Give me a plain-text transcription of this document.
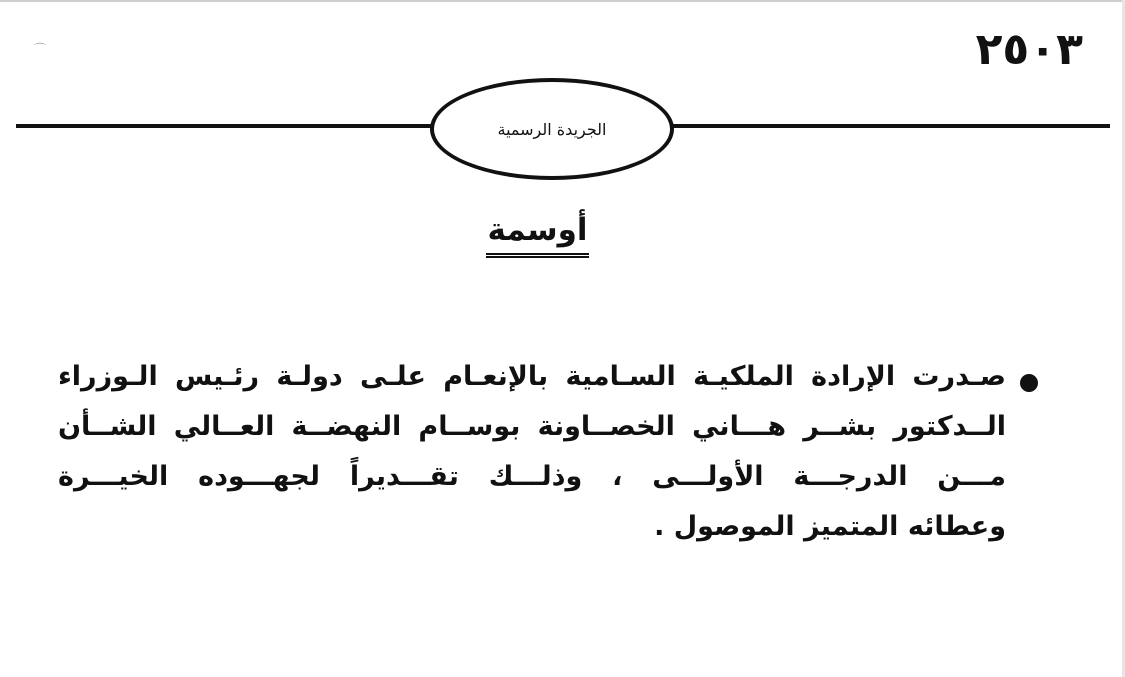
⌒	٢٥٠٣
الجريدة الرسمية
أوسمة
صـدرت الإرادة الملكيـة السـامية بالإنعـام علـى دولـة رئـيس الـوزراء
الــدكتور بشــر هـــاني الخصــاونة بوســام النهضــة العــالي الشــأن
مـــن الدرجـــة الأولـــى ، وذلـــك تقـــديراً لجهـــوده الخيـــرة
وعطائه المتميز الموصول .
